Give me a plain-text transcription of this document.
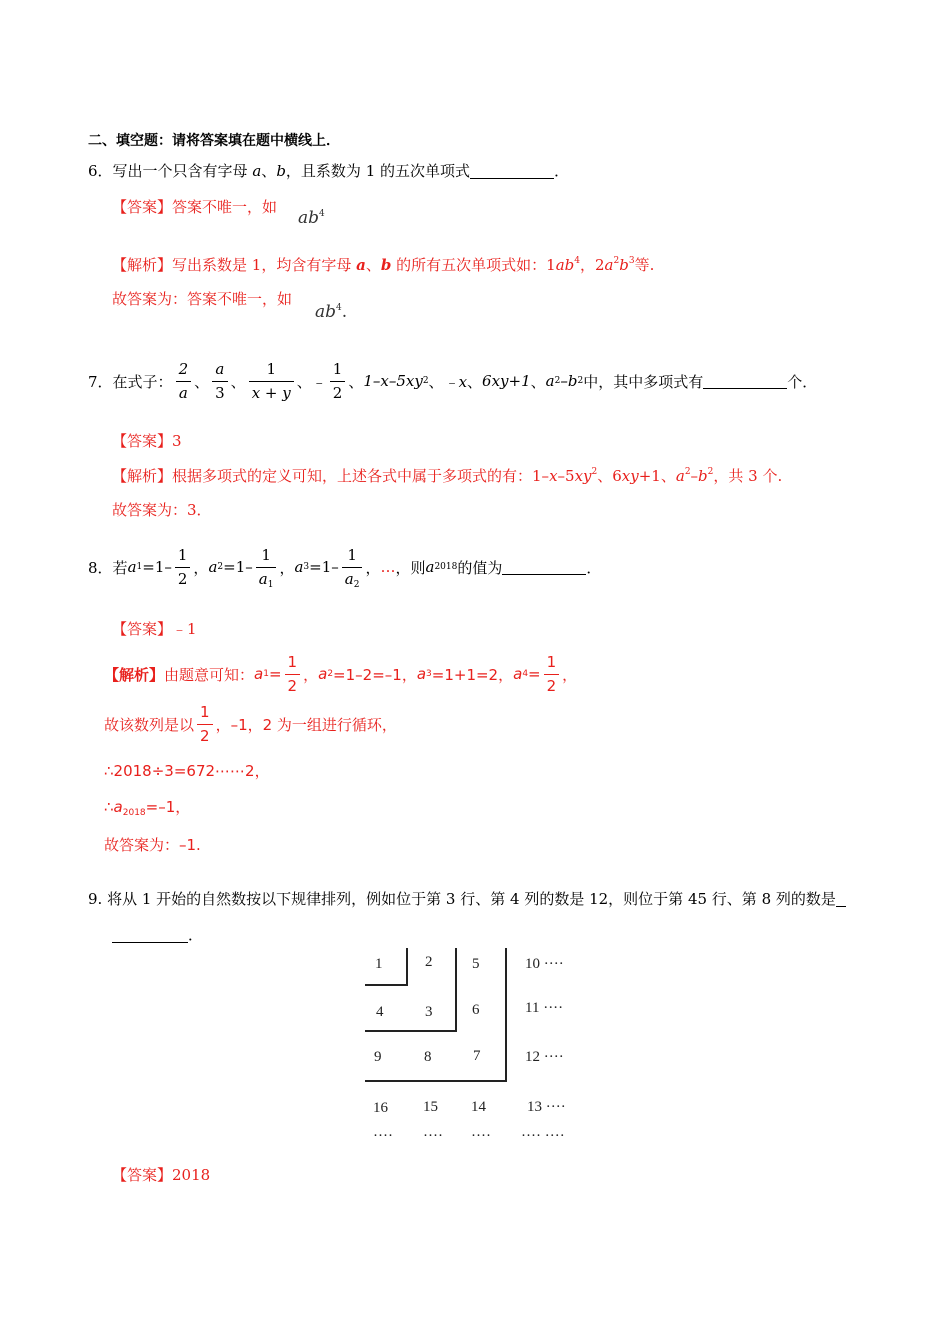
二、填空题：请将答案填在题中横线上．
6．写出一个只含有字母 a、b，且系数为 1 的五次单项式	．
【答案】答案不唯一，如
$ab^4$
【解析】写出系数是 1，均含有字母 a、b 的所有五次单项式如：$1ab^4$，$2a^2b^3$等.
故答案为：答案不唯一，如
$ab^4$.
7． 在式子： $\frac{2}{a}$ 、 $\frac{a}{3}$ 、 $\frac{1}{x + y}$ 、 ﹣ $\frac{1}{2}$ 、 1–x–5xy 2 、 ﹣x 、 6xy+1 、 a 2 –b 2 中，其中多项式有	个．
【答案】3
【解析】根据多项式的定义可知，上述各式中属于多项式的有：$1-x-5xy^2$、6xy+1、$a^2-b^2$，共 3 个.
故答案为：3．
8． 若 a $1 =1- \frac{1}{2}$ ， a $2 =1- \frac{1}{a_1}$ ， a $3 =1- \frac{1}{a_2}$ ， … ，则 a 2018 的值为	．
【答案】﹣1
【解析】 由题意可知： a $1 = \frac{1}{2}$ ， a 2 =1–2=–1， a 3 =1+1=2， a $4 = \frac{1}{2}$ ，
故该数列是以 $\frac{1}{2}$ ，–1，2 为一组进行循环，
∴2018÷3=672⋯⋯2，
$\therefore a_{2018}=-1$，
故答案为：–1.
9. 将从 1 开始的自然数按以下规律排列，例如位于第 3 行、第 4 列的数是 12，则位于第 45 行、第 8 列的数是
．
1	2	5	10 ····
4	3	6	11 ····
9	8	7	12 ····
16 15 14	13 ····
···· ···· ···· ···· ····
【答案】2018
